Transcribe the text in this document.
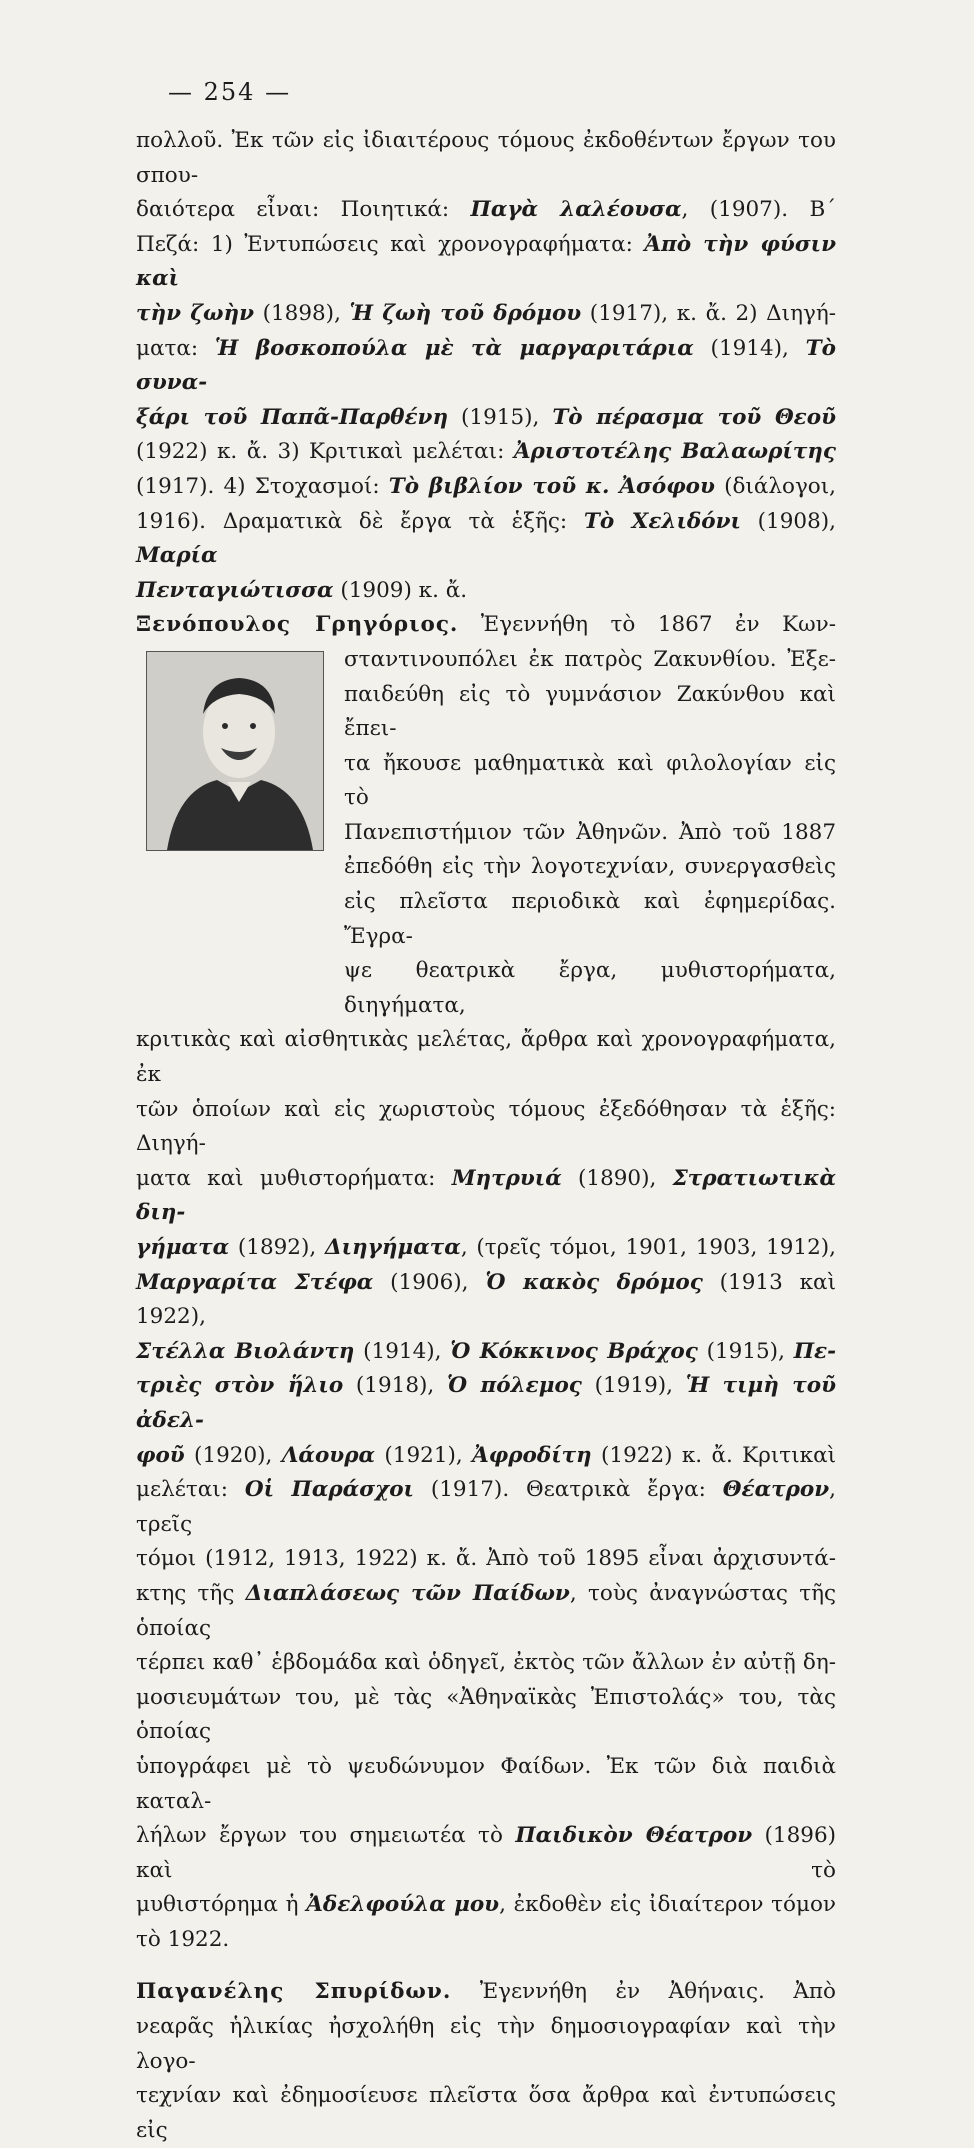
— 254 —

πολλοῦ. Ἐκ τῶν εἰς ἰδιαιτέρους τόμους ἐκδοθέντων ἔργων του σπου-
δαιότερα εἶναι: Ποιητικά: Παγὰ λαλέουσα, (1907). Β´
Πεζά: 1) Ἐντυπώσεις καὶ χρονογραφήματα: Ἀπὸ τὴν φύσιν καὶ
τὴν ζωὴν (1898), Ἡ ζωὴ τοῦ δρόμου (1917), κ. ἄ. 2) Διηγή-
ματα: Ἡ βοσκοπούλα μὲ τὰ μαργαριτάρια (1914), Τὸ συνα-
ξάρι τοῦ Παπᾶ-Παρθένη (1915), Τὸ πέρασμα τοῦ Θεοῦ
(1922) κ. ἄ. 3) Κριτικαὶ μελέται: Ἀριστοτέλης Βαλαωρίτης
(1917). 4) Στοχασμοί: Τὸ βιβλίον τοῦ κ. Ἀσόφου (διάλογοι,
1916). Δραματικὰ δὲ ἔργα τὰ ἑξῆς: Τὸ Χελιδόνι (1908), Μαρία
Πενταγιώτισσα (1909) κ. ἄ.

Ξενόπουλος Γρηγόριος. Ἐγεννήθη τὸ 1867 ἐν Κων-
σταντινουπόλει ἐκ πατρὸς Ζακυνθίου. Ἐξε-
παιδεύθη εἰς τὸ γυμνάσιον Ζακύνθου καὶ ἔπει-
τα ἤκουσε μαθηματικὰ καὶ φιλολογίαν εἰς τὸ
Πανεπιστήμιον τῶν Ἀθηνῶν. Ἀπὸ τοῦ 1887
ἐπεδόθη εἰς τὴν λογοτεχνίαν, συνεργασθεὶς
εἰς πλεῖστα περιοδικὰ καὶ ἐφημερίδας. Ἔγρα-
ψε θεατρικὰ ἔργα, μυθιστορήματα, διηγήματα,
κριτικὰς καὶ αἰσθητικὰς μελέτας, ἄρθρα καὶ χρονογραφήματα, ἐκ
τῶν ὁποίων καὶ εἰς χωριστοὺς τόμους ἐξεδόθησαν τὰ ἑξῆς: Διηγή-
ματα καὶ μυθιστορήματα: Μητρυιά (1890), Στρατιωτικὰ διη-
γήματα (1892), Διηγήματα, (τρεῖς τόμοι, 1901, 1903, 1912),
Μαργαρίτα Στέφα (1906), Ὁ κακὸς δρόμος (1913 καὶ 1922),
Στέλλα Βιολάντη (1914), Ὁ Κόκκινος Βράχος (1915), Πε-
τριὲς στὸν ἥλιο (1918), Ὁ πόλεμος (1919), Ἡ τιμὴ τοῦ ἀδελ-
φοῦ (1920), Λάουρα (1921), Ἀφροδίτη (1922) κ. ἄ. Κριτικαὶ
μελέται: Οἱ Παράσχοι (1917). Θεατρικὰ ἔργα: Θέατρον, τρεῖς
τόμοι (1912, 1913, 1922) κ. ἄ. Ἀπὸ τοῦ 1895 εἶναι ἀρχισυντά-
κτης τῆς Διαπλάσεως τῶν Παίδων, τοὺς ἀναγνώστας τῆς ὁποίας
τέρπει καθ᾽ ἑβδομάδα καὶ ὁδηγεῖ, ἐκτὸς τῶν ἄλλων ἐν αὐτῇ δη-
μοσιευμάτων του, μὲ τὰς «Ἀθηναϊκὰς Ἐπιστολάς» του, τὰς ὁποίας
ὑπογράφει μὲ τὸ ψευδώνυμον Φαίδων. Ἐκ τῶν διὰ παιδιὰ καταλ-
λήλων ἔργων του σημειωτέα τὸ Παιδικὸν Θέατρον (1896) καὶ τὸ
μυθιστόρημα ἡ Ἀδελφούλα μου, ἐκδοθὲν εἰς ἰδιαίτερον τόμον
τὸ 1922.

Παγανέλης Σπυρίδων. Ἐγεννήθη ἐν Ἀθήναις. Ἀπὸ
νεαρᾶς ἡλικίας ἠσχολήθη εἰς τὴν δημοσιογραφίαν καὶ τὴν λογο-
τεχνίαν καὶ ἐδημοσίευσε πλεῖστα ὅσα ἄρθρα καὶ ἐντυπώσεις εἰς
